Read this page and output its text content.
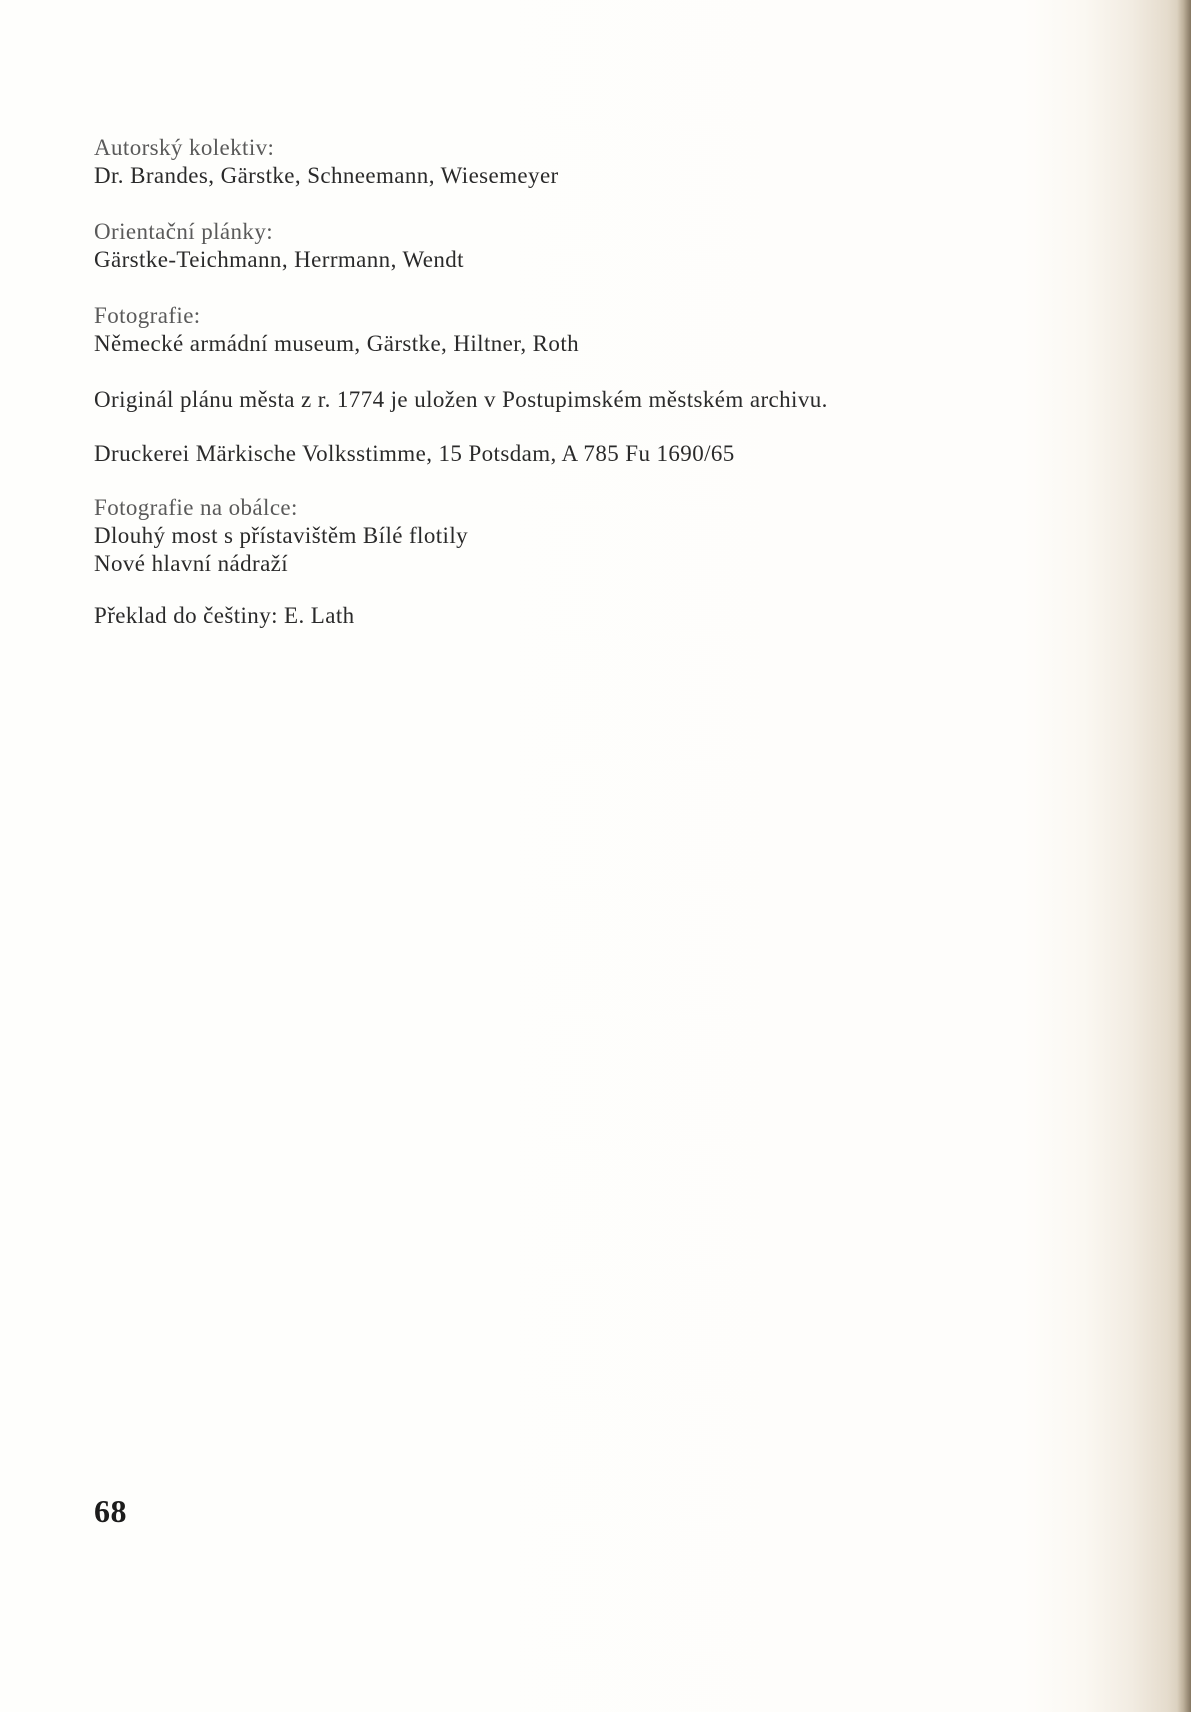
Autorský kolektiv:
Dr. Brandes, Gärstke, Schneemann, Wiesemeyer
Orientační plánky:
Gärstke-Teichmann, Herrmann, Wendt
Fotografie:
Německé armádní museum, Gärstke, Hiltner, Roth
Originál plánu města z r. 1774 je uložen v Postupimském městském archivu.
Druckerei Märkische Volksstimme, 15 Potsdam, A 785 Fu 1690/65
Fotografie na obálce:
Dlouhý most s přístavištěm Bílé flotily
Nové hlavní nádraží
Překlad do češtiny: E. Lath
68
